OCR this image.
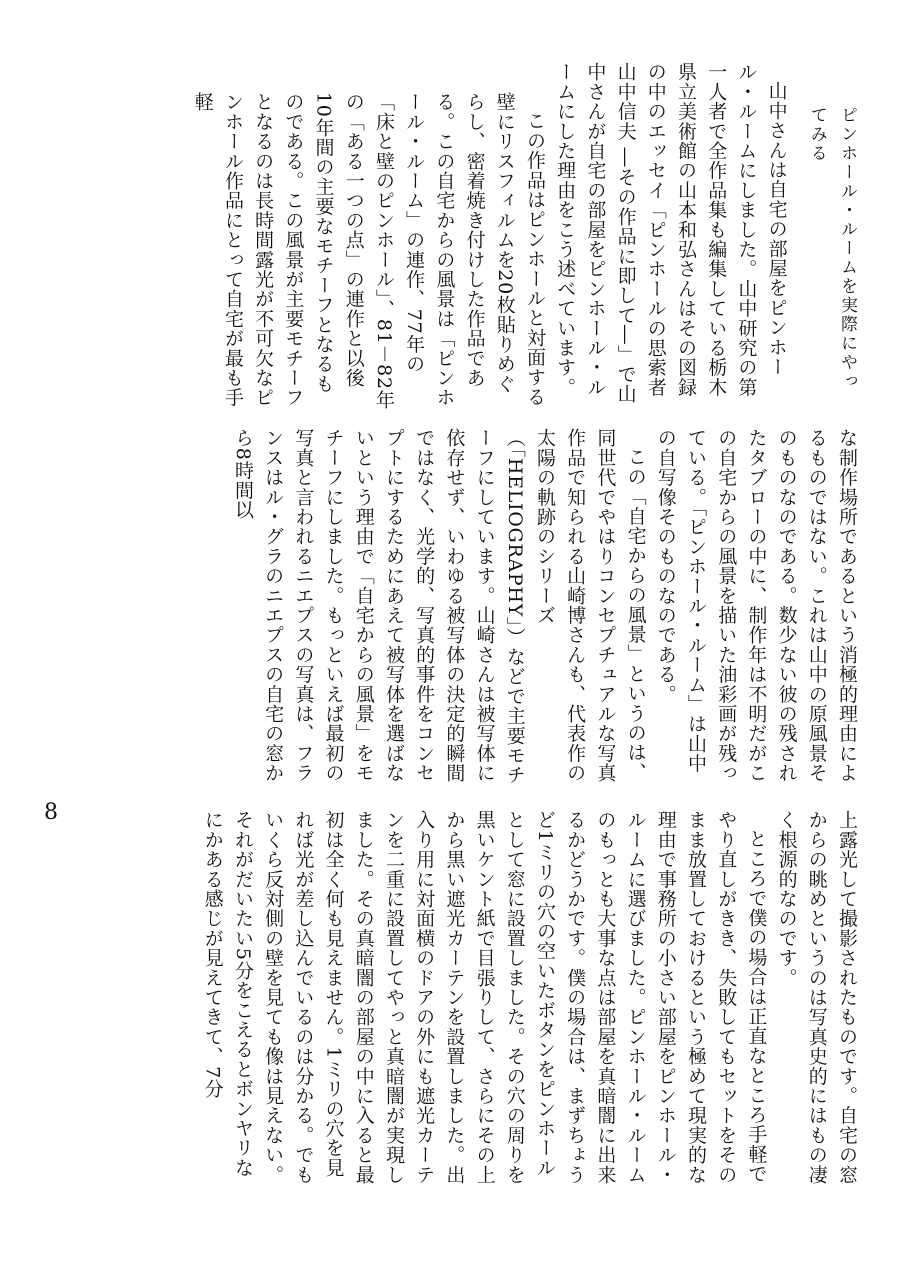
ピンホール・ルームを実際にやってみる

山中さんは自宅の部屋をピンホール・ルームにしました。山中研究の第一人者で全作品集も編集している栃木県立美術館の山本和弘さんはその図録の中のエッセイ「ピンホールの思索者山中信夫 ―その作品に即して―」で山中さんが自宅の部屋をピンホール・ルームにした理由をこう述べています。

この作品はピンホールと対面する壁にリスフィルムを20枚貼りめぐらし、密着焼き付けした作品である。この自宅からの風景は「ピンホール・ルーム」の連作、77年の「床と壁のピンホール」、81－82年の「ある一つの点」の連作と以後10年間の主要なモチーフとなるものである。この風景が主要モチーフとなるのは長時間露光が不可欠なピンホール作品にとって自宅が最も手軽

な制作場所であるという消極的理由によるものではない。これは山中の原風景そのものなのである。数少ない彼の残されたタブローの中に、制作年は不明だがこの自宅からの風景を描いた油彩画が残っている。「ピンホール・ルーム」は山中の自写像そのものなのである。

この「自宅からの風景」というのは、同世代でやはりコンセプチュアルな写真作品で知られる山崎博さんも、代表作の太陽の軌跡のシリーズ（「HELIOGRAPHY」）などで主要モチーフにしています。山崎さんは被写体に依存せず、いわゆる被写体の決定的瞬間ではなく、光学的、写真的事件をコンセプトにするためにあえて被写体を選ばないという理由で「自宅からの風景」をモチーフにしました。もっといえば最初の写真と言われるニエプスの写真は、フランスはル・グラのニエプスの自宅の窓から8時間以

上露光して撮影されたものです。自宅の窓からの眺めというのは写真史的にはもの凄く根源的なのです。

ところで僕の場合は正直なところ手軽でやり直しがきき、失敗してもセットをそのまま放置しておけるという極めて現実的な理由で事務所の小さい部屋をピンホール・ルームに選びました。ピンホール・ルームのもっとも大事な点は部屋を真暗闇に出来るかどうかです。僕の場合は、まずちょうど1ミリの穴の空いたボタンをピンホールとして窓に設置しました。その穴の周りを黒いケント紙で目張りして、さらにその上から黒い遮光カーテンを設置しました。出入り用に対面横のドアの外にも遮光カーテンを二重に設置してやっと真暗闇が実現しました。その真暗闇の部屋の中に入ると最初は全く何も見えません。1ミリの穴を見れば光が差し込んでいるのは分かる。でもいくら反対側の壁を見ても像は見えない。それがだいたい5分をこえるとボンヤリなにかある感じが見えてきて、7分

8
